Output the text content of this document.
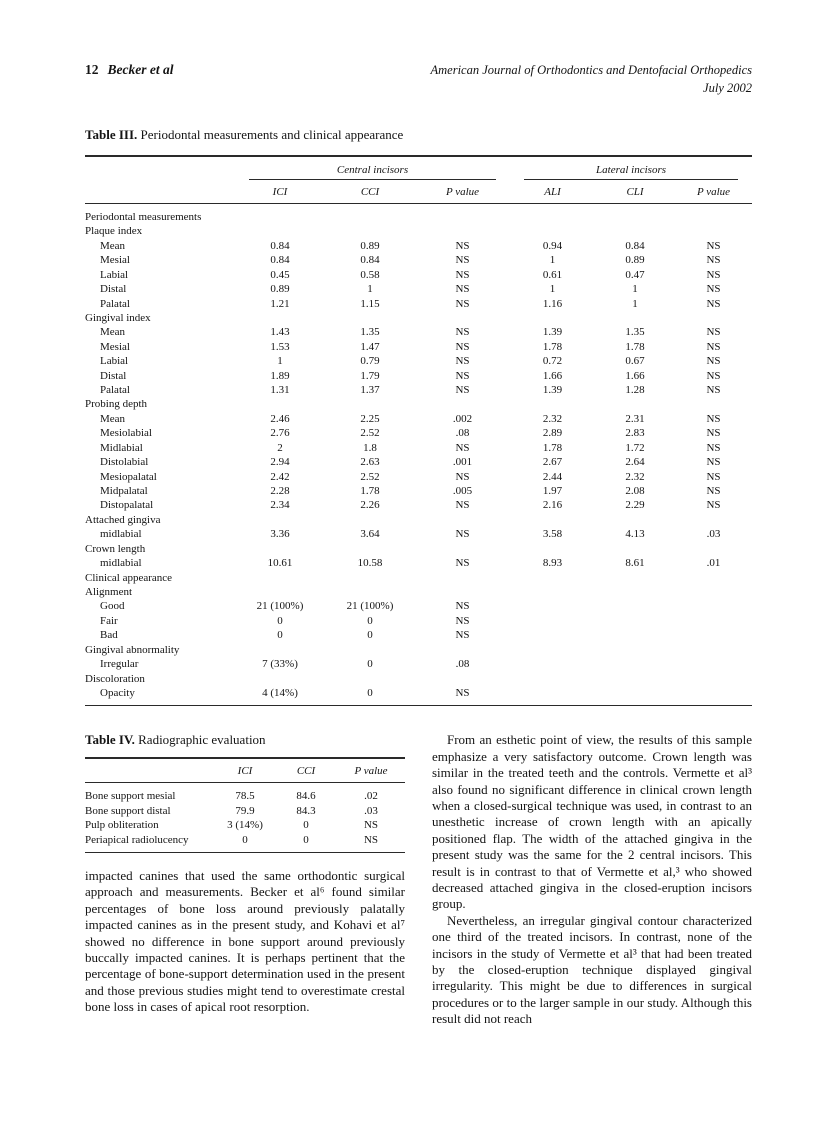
12 Becker et al	American Journal of Orthodontics and Dentofacial Orthopedics
July 2002
Table III. Periodontal measurements and clinical appearance

	Central incisors			Lateral incisors		

	ICI	CCI	P value	ALI	CLI	P value
Periodontal measurements						
Plaque index						
Mean	0.84	0.89	NS	0.94	0.84	NS
Mesial	0.84	0.84	NS	1	0.89	NS
Labial	0.45	0.58	NS	0.61	0.47	NS
Distal	0.89	1	NS	1	1	NS
Palatal	1.21	1.15	NS	1.16	1	NS
Gingival index						
Mean	1.43	1.35	NS	1.39	1.35	NS
Mesial	1.53	1.47	NS	1.78	1.78	NS
Labial	1	0.79	NS	0.72	0.67	NS
Distal	1.89	1.79	NS	1.66	1.66	NS
Palatal	1.31	1.37	NS	1.39	1.28	NS
Probing depth						
Mean	2.46	2.25	.002	2.32	2.31	NS
Mesiolabial	2.76	2.52	.08	2.89	2.83	NS
Midlabial	2	1.8	NS	1.78	1.72	NS
Distolabial	2.94	2.63	.001	2.67	2.64	NS
Mesiopalatal	2.42	2.52	NS	2.44	2.32	NS
Midpalatal	2.28	1.78	.005	1.97	2.08	NS
Distopalatal	2.34	2.26	NS	2.16	2.29	NS
Attached gingiva						
midlabial	3.36	3.64	NS	3.58	4.13	.03
Crown length						
midlabial	10.61	10.58	NS	8.93	8.61	.01
Clinical appearance						
Alignment						
Good	21 (100%)	21 (100%)	NS			
Fair	0	0	NS			
Bad	0	0	NS			
Gingival abnormality						
Irregular	7 (33%)	0	.08			
Discoloration						
Opacity	4 (14%)	0	NS			
Table IV. Radiographic evaluation
	ICI	CCI	P value
Bone support mesial	78.5	84.6	.02
Bone support distal	79.9	84.3	.03
Pulp obliteration	3 (14%)	0	NS
Periapical radiolucency	0	0	NS

impacted canines that used the same orthodontic surgical approach and measurements. Becker et al⁶ found similar percentages of bone loss around previously palatally impacted canines as in the present study, and Kohavi et al⁷ showed no difference in bone support around previously buccally impacted canines. It is perhaps pertinent that the percentage of bone-support determination used in the present and those previous studies might tend to overestimate crestal bone loss in cases of apical root resorption.

From an esthetic point of view, the results of this sample emphasize a very satisfactory outcome. Crown length was similar in the treated teeth and the controls. Vermette et al³ also found no significant difference in clinical crown length when a closed-surgical technique was used, in contrast to an unesthetic increase of crown length with an apically positioned flap. The width of the attached gingiva in the present study was the same for the 2 central incisors. This result is in contrast to that of Vermette et al,³ who showed decreased attached gingiva in the closed-eruption incisors group.

Nevertheless, an irregular gingival contour characterized one third of the treated incisors. In contrast, none of the incisors in the study of Vermette et al³ that had been treated by the closed-eruption technique displayed gingival irregularity. This might be due to differences in surgical procedures or to the larger sample in our study. Although this result did not reach
